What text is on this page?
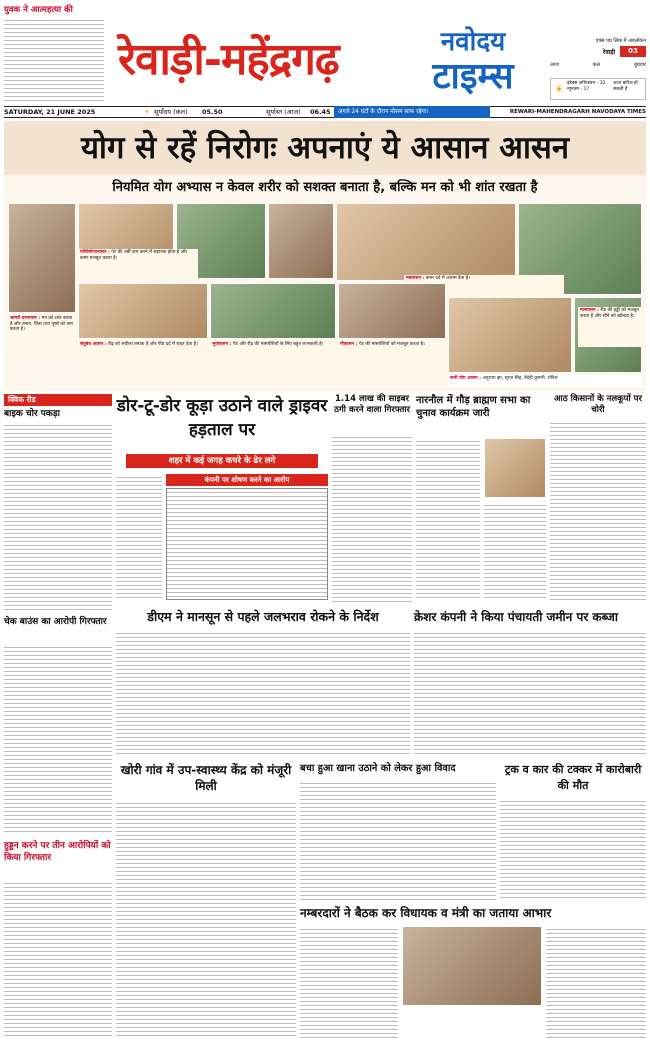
युवक ने आत्महत्या की
रेवाड़ी-महेंद्रगढ़	नवोदय
टाइम्स
एक्स एग्र लिक में अवलोकन
रेवाड़ी	03
आज	कल	बुधवार
☀ इंडेक्स अधिकतम - 32 न्यूनतम - 17
आज बारिश हो सकती है
SATURDAY, 21 JUNE 2025	☀ सूर्योदय (कल) 05.50	सूर्यास्त (आज) 06.45	अगले 24 घंटों के दौरान मौसम साफ रहेगा।	REWARI-MAHENDRAGARH NAVODAYA TIMES
योग से रहें निरोगः अपनाएं ये आसान आसन
नियमित योग अभ्यास न केवल शरीर को सशक्त बनाता है, बल्कि मन को भी शांत रखता है
पश्चिमोत्तानासन : पेट की चर्बी कम करने में सहायक होता है और कमर मजबूत करता है।
मकरासन : कमर दर्द में आराम देता है।
भ्रामरी प्राणायाम : मन को शांत करता है और तनाव, चिंता तथा गुस्से को कम करता है।
सेतुबंध आसन : रीढ़ को लचीला बनाता है और पीठ दर्द में राहत देता है।	भुजंगासन : पेट और रीढ़ की मांसपेशियों के लिए बहुत लाभकारी है।	नौकासन : पेट की मांसपेशियों को मजबूत करता है।
मत्स्यासन : रीढ़ की हड्डी को मजबूत करता है और सीने को खोलता है।
सभी योग आसन : अनुराधा झा, सूरज सिंह, वैदेही कुमारी, रोनिश
क्विक रीड
बाइक चोर पकड़ा
चेक बाउंस का आरोपी गिरफ्तार
हुड्डन करने पर तीन आरोपियों को किया गिरफ्तार
डोर-टू-डोर कूड़ा उठाने वाले ड्राइवर हड़ताल पर
शहर में कई जगह कचरे के ढेर लगे
कंपनी पर शोषण करने का आरोप
1.14 लाख की साइबर ठगी करने वाला गिरफ्तार
नारनौल में गौड़ ब्राह्मण सभा का चुनाव कार्यक्रम जारी
आठ किसानों के नलकूपों पर चोरी
डीएम ने मानसून से पहले जलभराव रोकने के निर्देश	क्रेशर कंपनी ने किया पंचायती जमीन पर कब्जा
खोरी गांव में उप-स्वास्थ्य केंद्र को मंजूरी मिली
बचा हुआ खाना उठाने को लेकर हुआ विवाद	ट्रक व कार की टक्कर में कारोबारी की मौत
नम्बरदारों ने बैठक कर विधायक व मंत्री का जताया आभार
